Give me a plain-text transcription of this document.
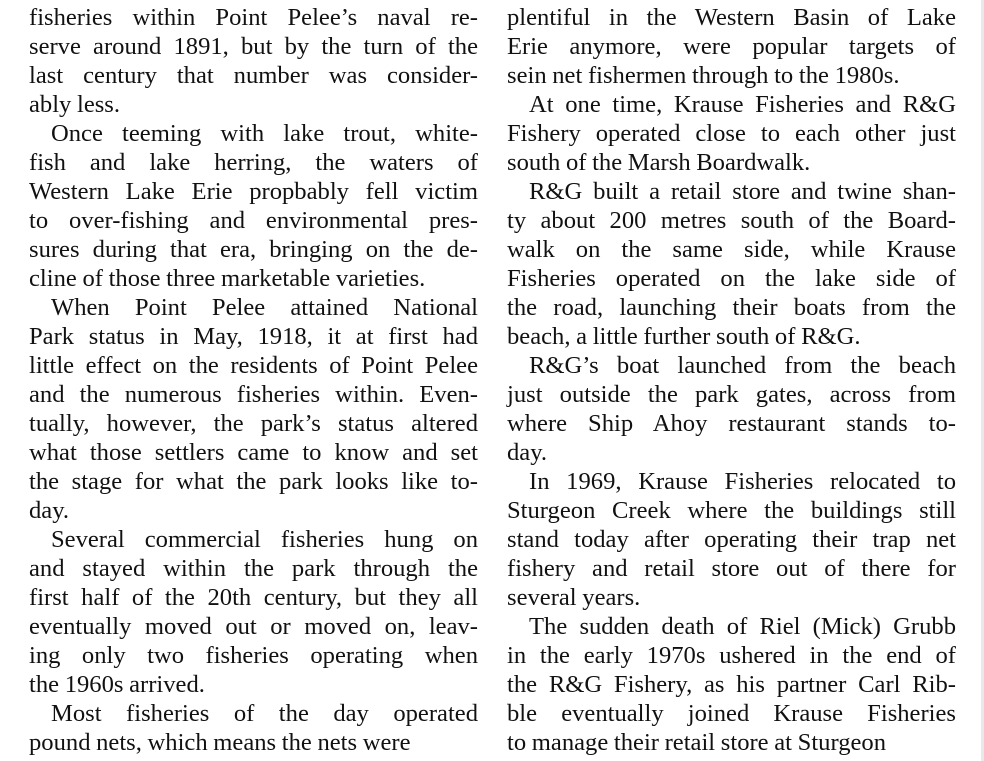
fisheries within Point Pelee’s naval re-
serve around 1891, but by the turn of the
last century that number was consider-
ably less.

Once teeming with lake trout, white-
fish and lake herring, the waters of
Western Lake Erie propbably fell victim
to over-fishing and environmental pres-
sures during that era, bringing on the de-
cline of those three marketable varieties.

When Point Pelee attained National
Park status in May, 1918, it at first had
little effect on the residents of Point Pelee
and the numerous fisheries within. Even-
tually, however, the park’s status altered
what those settlers came to know and set
the stage for what the park looks like to-
day.

Several commercial fisheries hung on
and stayed within the park through the
first half of the 20th century, but they all
eventually moved out or moved on, leav-
ing only two fisheries operating when
the 1960s arrived.

Most fisheries of the day operated
pound nets, which means the nets were

plentiful in the Western Basin of Lake
Erie anymore, were popular targets of
sein net fishermen through to the 1980s.

At one time, Krause Fisheries and R&G
Fishery operated close to each other just
south of the Marsh Boardwalk.

R&G built a retail store and twine shan-
ty about 200 metres south of the Board-
walk on the same side, while Krause
Fisheries operated on the lake side of
the road, launching their boats from the
beach, a little further south of R&G.

R&G’s boat launched from the beach
just outside the park gates, across from
where Ship Ahoy restaurant stands to-
day.

In 1969, Krause Fisheries relocated to
Sturgeon Creek where the buildings still
stand today after operating their trap net
fishery and retail store out of there for
several years.

The sudden death of Riel (Mick) Grubb
in the early 1970s ushered in the end of
the R&G Fishery, as his partner Carl Rib-
ble eventually joined Krause Fisheries
to manage their retail store at Sturgeon
